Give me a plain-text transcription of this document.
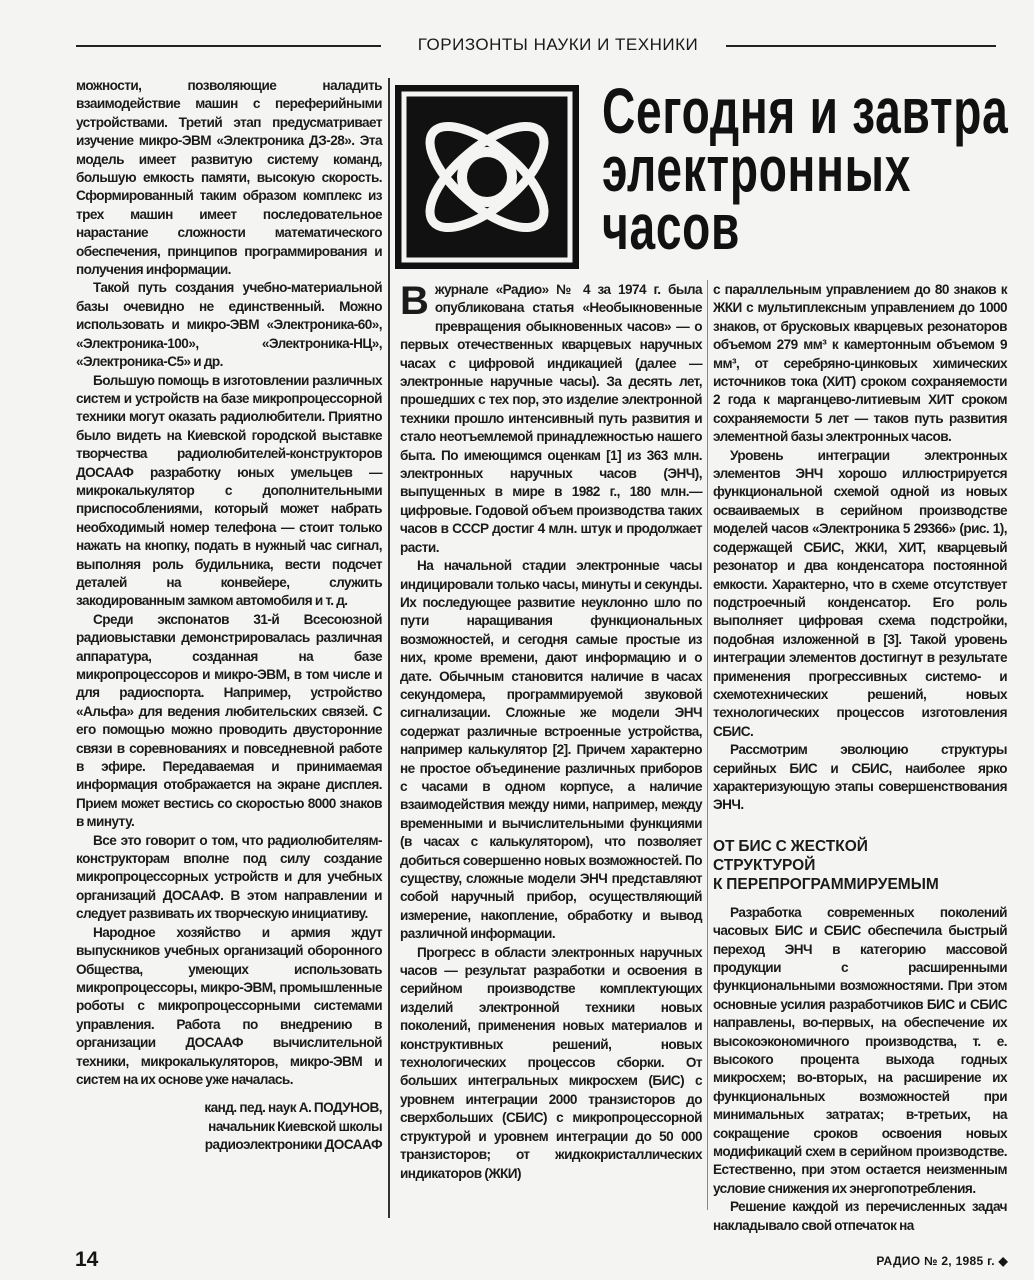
ГОРИЗОНТЫ НАУКИ И ТЕХНИКИ

можности, позволяющие наладить взаимодействие машин с переферийными устройствами. Третий этап предусматривает изучение микро-ЭВМ «Электроника ДЗ-28». Эта модель имеет развитую систему команд, большую емкость памяти, высокую скорость. Сформированный таким образом комплекс из трех машин имеет последовательное нарастание сложности математического обеспечения, принципов программирования и получения информации.

Такой путь создания учебно-материальной базы очевидно не единственный. Можно использовать и микро-ЭВМ «Электроника-60», «Электроника-100», «Электроника-НЦ», «Электроника-С5» и др.

Большую помощь в изготовлении различных систем и устройств на базе микропроцессорной техники могут оказать радиолюбители. Приятно было видеть на Киевской городской выставке творчества радиолюбителей-конструкторов ДОСААФ разработку юных умельцев — микрокалькулятор с дополнительными приспособлениями, который может набрать необходимый номер телефона — стоит только нажать на кнопку, подать в нужный час сигнал, выполняя роль будильника, вести подсчет деталей на конвейере, служить закодированным замком автомобиля и т. д.

Среди экспонатов 31-й Всесоюзной радиовыставки демонстрировалась различная аппаратура, созданная на базе микропроцессоров и микро-ЭВМ, в том числе и для радиоспорта. Например, устройство «Альфа» для ведения любительских связей. С его помощью можно проводить двусторонние связи в соревнованиях и повседневной работе в эфире. Передаваемая и принимаемая информация отображается на экране дисплея. Прием может вестись со скоростью 8000 знаков в минуту.

Все это говорит о том, что радиолюбителям-конструкторам вполне под силу создание микропроцессорных устройств и для учебных организаций ДОСААФ. В этом направлении и следует развивать их творческую инициативу.

Народное хозяйство и армия ждут выпускников учебных организаций оборонного Общества, умеющих использовать микропроцессоры, микро-ЭВМ, промышленные роботы с микропроцессорными системами управления. Работа по внедрению в организации ДОСААФ вычислительной техники, микрокалькуляторов, микро-ЭВМ и систем на их основе уже началась.

канд. пед. наук А. ПОДУНОВ,
начальник Киевской школы
радиоэлектроники ДОСААФ
Сегодня и завтра
электронных
часов
В журнале «Радио» № 4 за 1974 г. была опубликована статья «Необыкновенные превращения обыкновенных часов» — о первых отечественных кварцевых наручных часах с цифровой индикацией (далее — электронные наручные часы). За десять лет, прошедших с тех пор, это изделие электронной техники прошло интенсивный путь развития и стало неотъемлемой принадлежностью нашего быта. По имеющимся оценкам [1] из 363 млн. электронных наручных часов (ЭНЧ), выпущенных в мире в 1982 г., 180 млн.— цифровые. Годовой объем производства таких часов в СССР достиг 4 млн. штук и продолжает расти.

На начальной стадии электронные часы индицировали только часы, минуты и секунды. Их последующее развитие неуклонно шло по пути наращивания функциональных возможностей, и сегодня самые простые из них, кроме времени, дают информацию и о дате. Обычным становится наличие в часах секундомера, программируемой звуковой сигнализации. Сложные же модели ЭНЧ содержат различные встроенные устройства, например калькулятор [2]. Причем характерно не простое объединение различных приборов с часами в одном корпусе, а наличие взаимодействия между ними, например, между временными и вычислительными функциями (в часах с калькулятором), что позволяет добиться совершенно новых возможностей. По существу, сложные модели ЭНЧ представляют собой наручный прибор, осуществляющий измерение, накопление, обработку и вывод различной информации.

Прогресс в области электронных наручных часов — результат разработки и освоения в серийном производстве комплектующих изделий электронной техники новых поколений, применения новых материалов и конструктивных решений, новых технологических процессов сборки. От больших интегральных микросхем (БИС) с уровнем интеграции 2000 транзисторов до сверхбольших (СБИС) с микропроцессорной структурой и уровнем интеграции до 50 000 транзисторов; от жидкокристаллических индикаторов (ЖКИ)

с параллельным управлением до 80 знаков к ЖКИ с мультиплексным управлением до 1000 знаков, от брусковых кварцевых резонаторов объемом 279 мм³ к камертонным объемом 9 мм³, от серебряно-цинковых химических источников тока (ХИТ) сроком сохраняемости 2 года к марганцево-литиевым ХИТ сроком сохраняемости 5 лет — таков путь развития элементной базы электронных часов.

Уровень интеграции электронных элементов ЭНЧ хорошо иллюстрируется функциональной схемой одной из новых осваиваемых в серийном производстве моделей часов «Электроника 5 29366» (рис. 1), содержащей СБИС, ЖКИ, ХИТ, кварцевый резонатор и два конденсатора постоянной емкости. Характерно, что в схеме отсутствует подстроечный конденсатор. Его роль выполняет цифровая схема подстройки, подобная изложенной в [3]. Такой уровень интеграции элементов достигнут в результате применения прогрессивных системо- и схемотехнических решений, новых технологических процессов изготовления СБИС.

Рассмотрим эволюцию структуры серийных БИС и СБИС, наиболее ярко характеризующую этапы совершенствования ЭНЧ.

ОТ БИС С ЖЕСТКОЙ
СТРУКТУРОЙ
К ПЕРЕПРОГРАММИРУЕМЫМ

Разработка современных поколений часовых БИС и СБИС обеспечила быстрый переход ЭНЧ в категорию массовой продукции с расширенными функциональными возможностями. При этом основные усилия разработчиков БИС и СБИС направлены, во-первых, на обеспечение их высокоэкономичного производства, т. е. высокого процента выхода годных микросхем; во-вторых, на расширение их функциональных возможностей при минимальных затратах; в-третьих, на сокращение сроков освоения новых модификаций схем в серийном производстве. Естественно, при этом остается неизменным условие снижения их энергопотребления.

Решение каждой из перечисленных задач накладывало свой отпечаток на

14	РАДИО № 2, 1985 г. ◆
